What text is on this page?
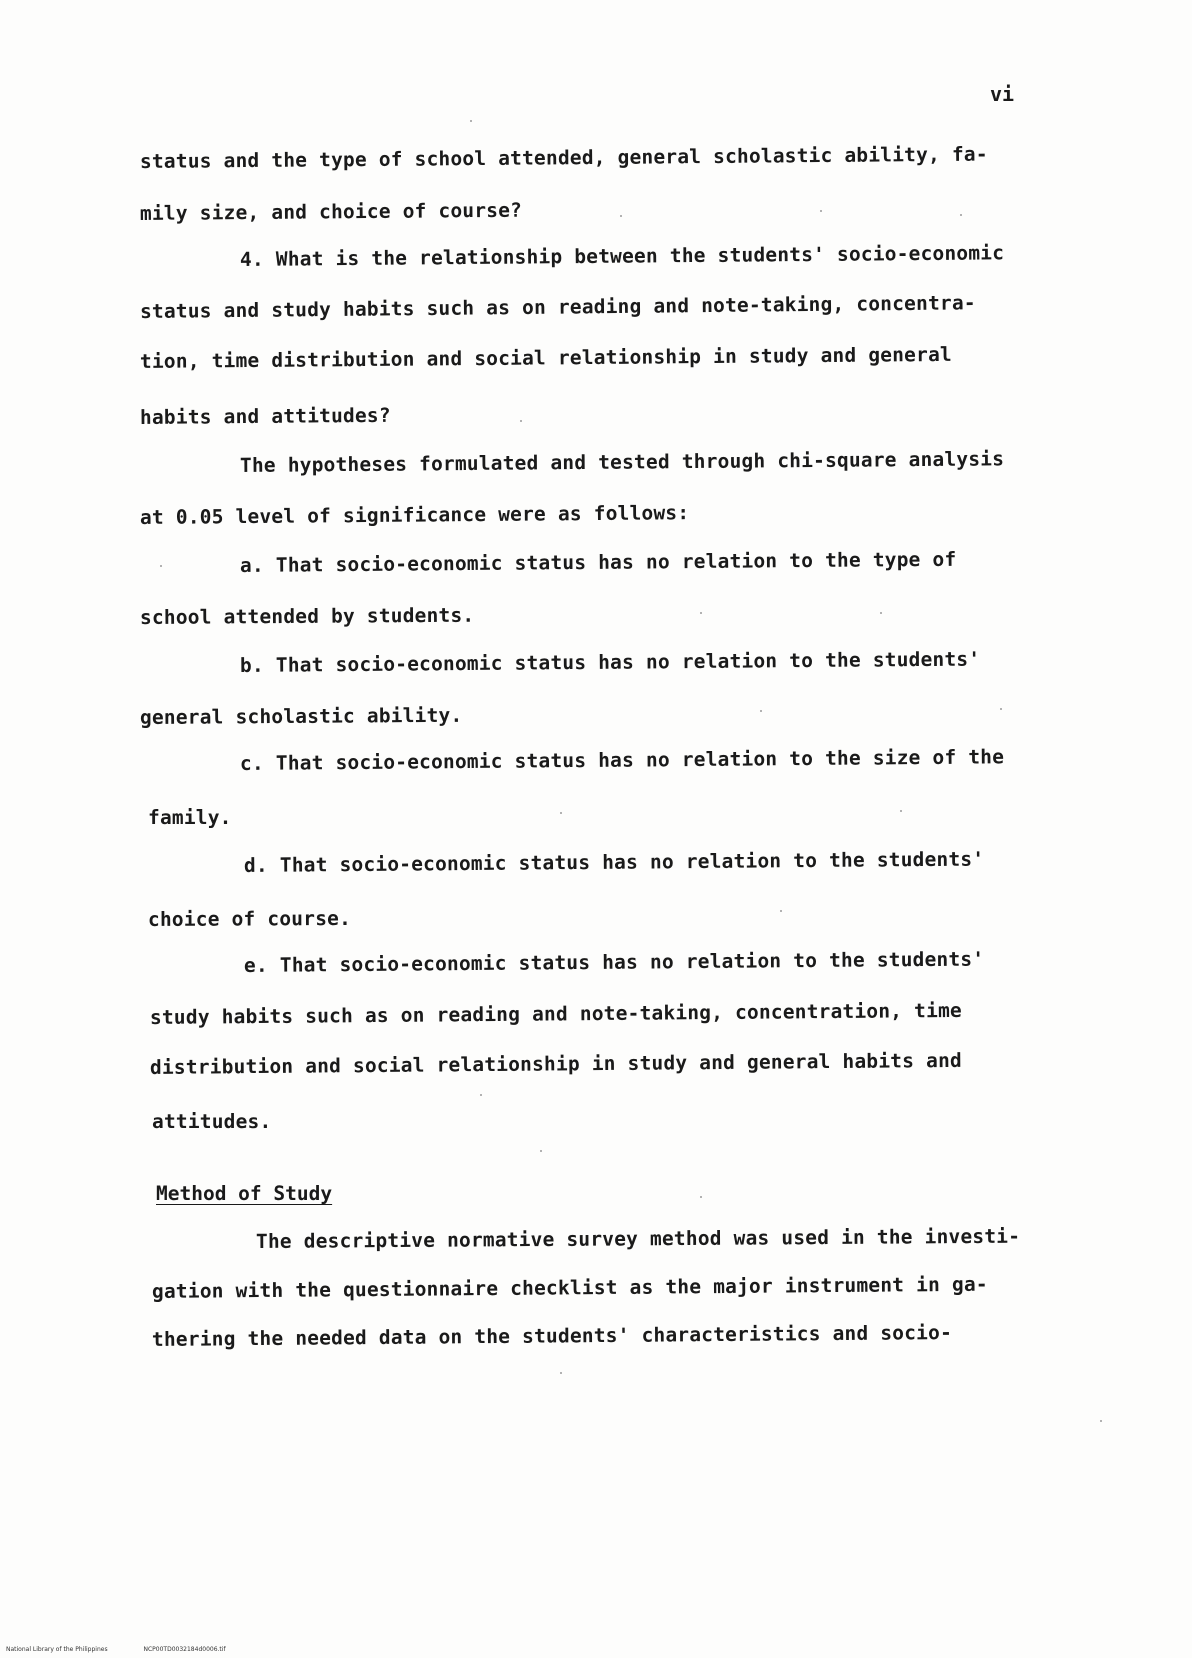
vi
status and the type of school attended, general scholastic ability, fa-
mily size, and choice of course?
4. What is the relationship between the students' socio-economic
status and study habits such as on reading and note-taking, concentra-
tion, time distribution and social relationship in study and general
habits and attitudes?
The hypotheses formulated and tested through chi-square analysis
at 0.05 level of significance were as follows:
a. That socio-economic status has no relation to the type of
school attended by students.
b. That socio-economic status has no relation to the students'
general scholastic ability.
c. That socio-economic status has no relation to the size of the
family.
d. That socio-economic status has no relation to the students'
choice of course.
e. That socio-economic status has no relation to the students'
study habits such as on reading and note-taking, concentration, time
distribution and social relationship in study and general habits and
attitudes.
Method of Study
The descriptive normative survey method was used in the investi-
gation with the questionnaire checklist as the major instrument in ga-
thering the needed data on the students' characteristics and socio-
National Library of the Philippines	NCP00TD0032184d0006.tif
